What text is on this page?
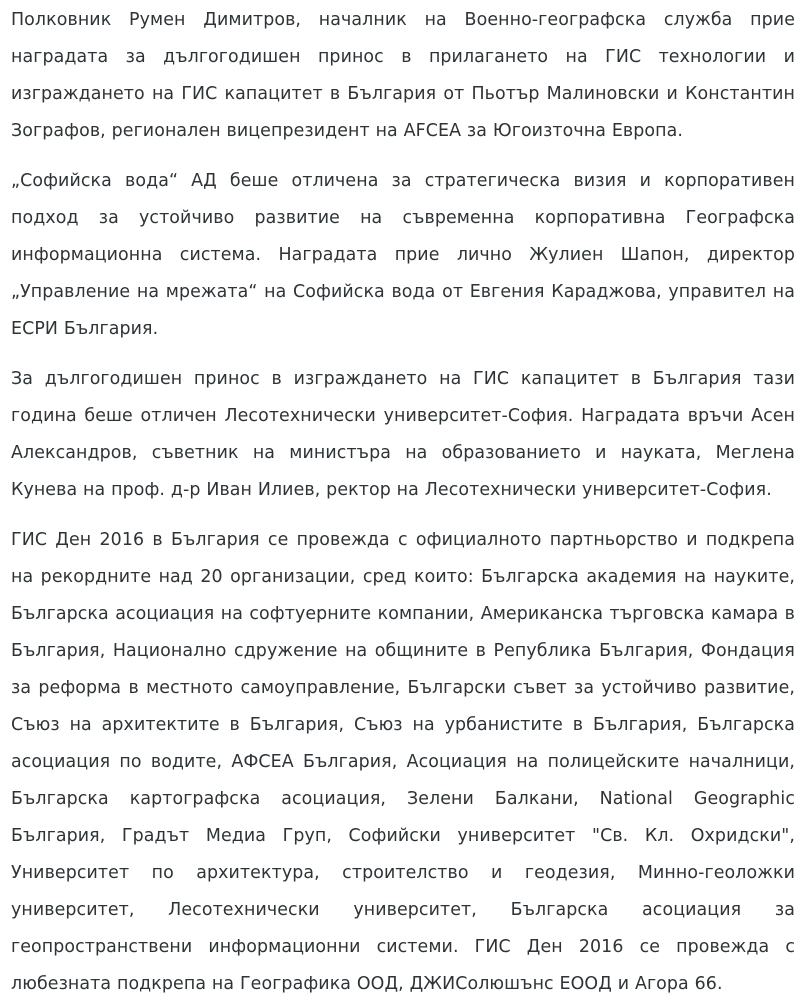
Полковник Румен Димитров, началник на Военно-географска служба прие наградата за дългогодишен принос в прилагането на ГИС технологии и изграждането на ГИС капацитет в България от Пьотър Малиновски и Константин Зографов, регионален вицепрезидент на AFCEA за Югоизточна Европа.

„Софийска вода“ АД беше отличена за стратегическа визия и корпоративен подход за устойчиво развитие на съвременна корпоративна Географска информационна система. Наградата прие лично Жулиен Шапон, директор „Управление на мрежата“ на Софийска вода от Евгения Караджова, управител на ЕСРИ България.

За дългогодишен принос в изграждането на ГИС капацитет в България тази година беше отличен Лесотехнически университет-София. Наградата връчи Асен Александров, съветник на министъра на образованието и науката, Меглена Кунева на проф. д-р Иван Илиев, ректор на Лесотехнически университет-София.

ГИС Ден 2016 в България се провежда с официалното партньорство и подкрепа на рекордните над 20 организации, сред които: Българска академия на науките, Българска асоциация на софтуерните компании, Американска търговска камара в България, Национално сдружение на общините в Република България, Фондация за реформа в местното самоуправление, Български съвет за устойчиво развитие, Съюз на архитектите в България, Съюз на урбанистите в България, Българска асоциация по водите, АФСЕА България, Асоциация на полицейските началници, Българска картографска асоциация, Зелени Балкани, National Geographic България, Градът Медиа Груп, Софийски университет "Св. Кл. Охридски", Университет по архитектура, строителство и геодезия, Минно-геоложки университет, Лесотехнически университет, Българска асоциация за геопространствени информационни системи. ГИС Ден 2016 се провежда с любезната подкрепа на Географика ООД, ДЖИСолюшънс ЕООД и Агора 66.
